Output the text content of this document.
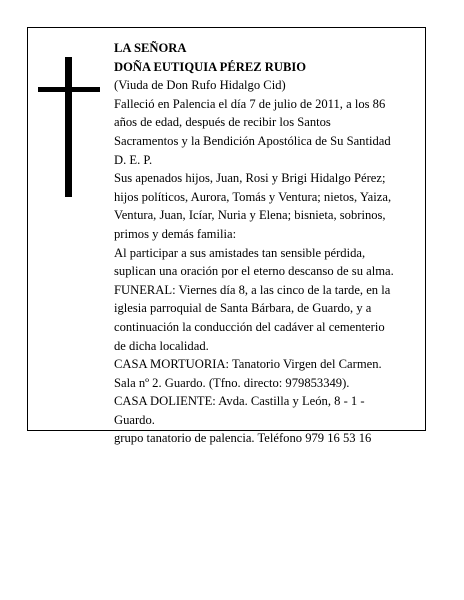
LA SEÑORA

DOÑA EUTIQUIA PÉREZ RUBIO

(Viuda de Don Rufo Hidalgo Cid)

Falleció en Palencia el día 7 de julio de 2011, a los 86

años de edad, después de recibir los Santos

Sacramentos y la Bendición Apostólica de Su Santidad

D. E. P.

Sus apenados hijos, Juan, Rosi y Brigi Hidalgo Pérez;

hijos políticos, Aurora, Tomás y Ventura; nietos, Yaiza,

Ventura, Juan, Icíar, Nuria y Elena; bisnieta, sobrinos,

primos y demás familia:

Al participar a sus amistades tan sensible pérdida,

suplican una oración por el eterno descanso de su alma.

FUNERAL: Viernes día 8, a las cinco de la tarde, en la

iglesia parroquial de Santa Bárbara, de Guardo, y a

continuación la conducción del cadáver al cementerio

de dicha localidad.

CASA MORTUORIA: Tanatorio Virgen del Carmen.

Sala nº 2. Guardo. (Tfno. directo: 979853349).

CASA DOLIENTE: Avda. Castilla y León, 8 - 1 -

Guardo.

grupo tanatorio de palencia. Teléfono 979 16 53 16
